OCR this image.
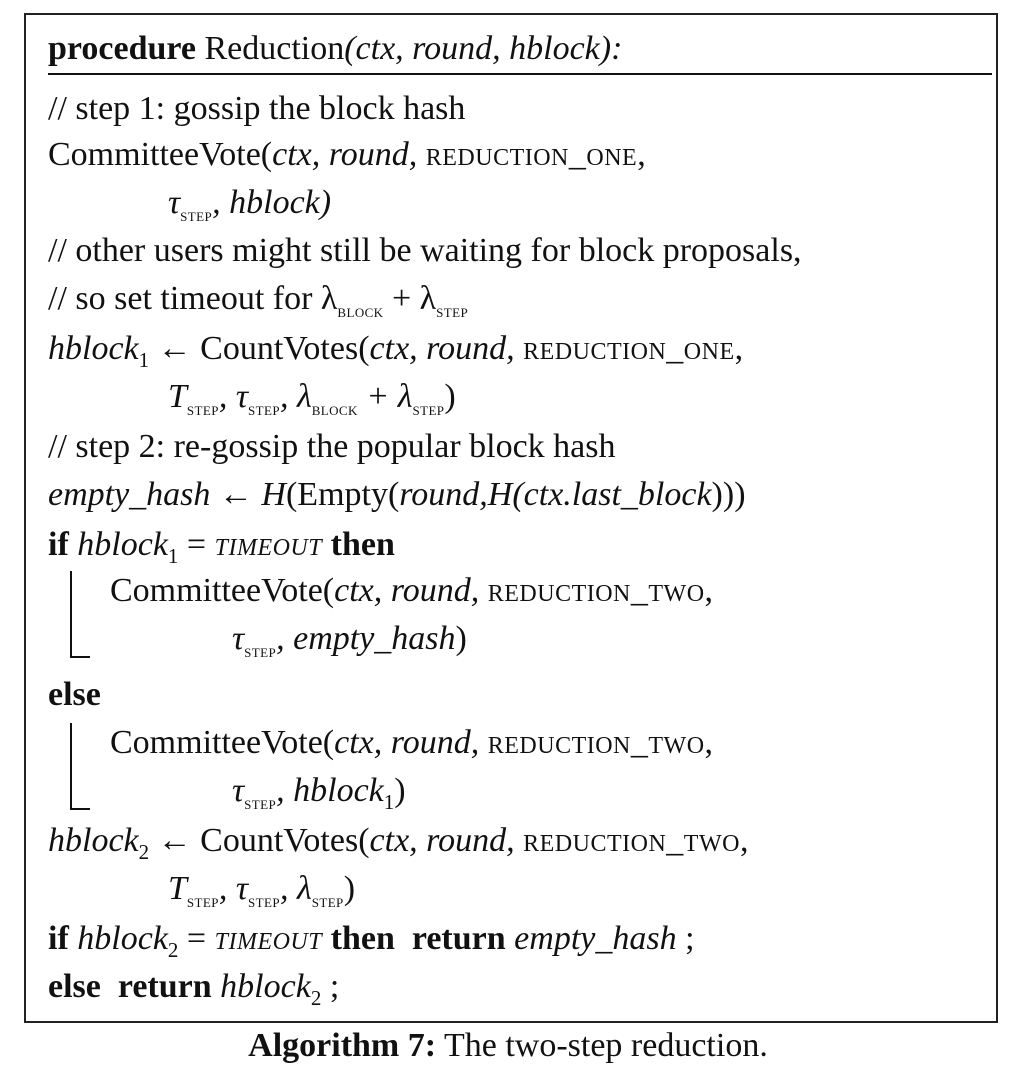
procedure Reduction(ctx, round, hblock):
// step 1: gossip the block hash
CommitteeVote(ctx, round, reduction_one,
$\tau_{step}$, hblock)
// other users might still be waiting for block proposals,
// so set timeout for $\lambda_{block} + \lambda_{step}$
hblock$_1$ ← CountVotes(ctx, round, reduction_one,
$T_{step}$, $\tau_{step}$, $\lambda_{block} + \lambda_{step}$)
// step 2: re-gossip the popular block hash
empty_hash ← H(Empty(round,H(ctx.last_block)))
if hblock$_1$ = timeout then
CommitteeVote(ctx, round, reduction_two,
$\tau_{step}$, empty_hash)
else
CommitteeVote(ctx, round, reduction_two,
$\tau_{step}$, hblock$_1$)
hblock$_2$ ← CountVotes(ctx, round, reduction_two,
$T_{step}$, $\tau_{step}$, $\lambda_{step}$)
if hblock$_2$ = timeout then return empty_hash ;
else return hblock$_2$ ;
Algorithm 7: The two-step reduction.
